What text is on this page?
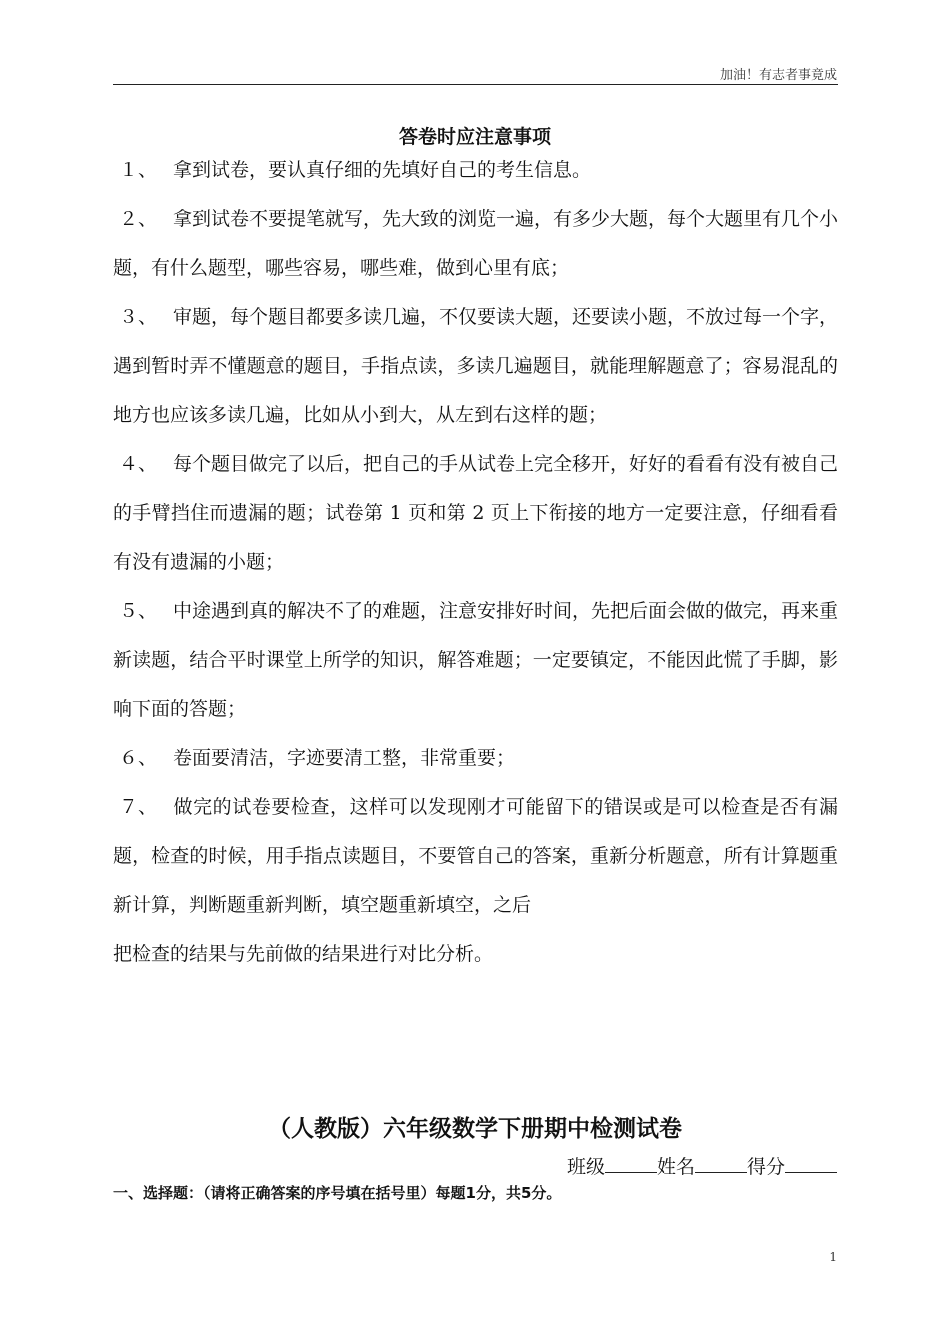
加油！有志者事竟成
答卷时应注意事项

１、 拿到试卷，要认真仔细的先填好自己的考生信息。

２、 拿到试卷不要提笔就写，先大致的浏览一遍，有多少大题，每个大题里有几个小题，有什么题型，哪些容易，哪些难，做到心里有底；

３、 审题，每个题目都要多读几遍，不仅要读大题，还要读小题，不放过每一个字，遇到暂时弄不懂题意的题目，手指点读，多读几遍题目，就能理解题意了；容易混乱的地方也应该多读几遍，比如从小到大，从左到右这样的题；

４、 每个题目做完了以后，把自己的手从试卷上完全移开，好好的看看有没有被自己的手臂挡住而遗漏的题；试卷第 1 页和第 2 页上下衔接的地方一定要注意，仔细看看有没有遗漏的小题；

５、 中途遇到真的解决不了的难题，注意安排好时间，先把后面会做的做完，再来重新读题，结合平时课堂上所学的知识，解答难题；一定要镇定，不能因此慌了手脚，影响下面的答题；

６、 卷面要清洁，字迹要清工整，非常重要；

７、 做完的试卷要检查，这样可以发现刚才可能留下的错误或是可以检查是否有漏题，检查的时候，用手指点读题目，不要管自己的答案，重新分析题意，所有计算题重新计算，判断题重新判断，填空题重新填空，之后

把检查的结果与先前做的结果进行对比分析。

（人教版）六年级数学下册期中检测试卷
班级	姓名	得分
一、选择题：（请将正确答案的序号填在括号里）每题1分，共5分。
1
